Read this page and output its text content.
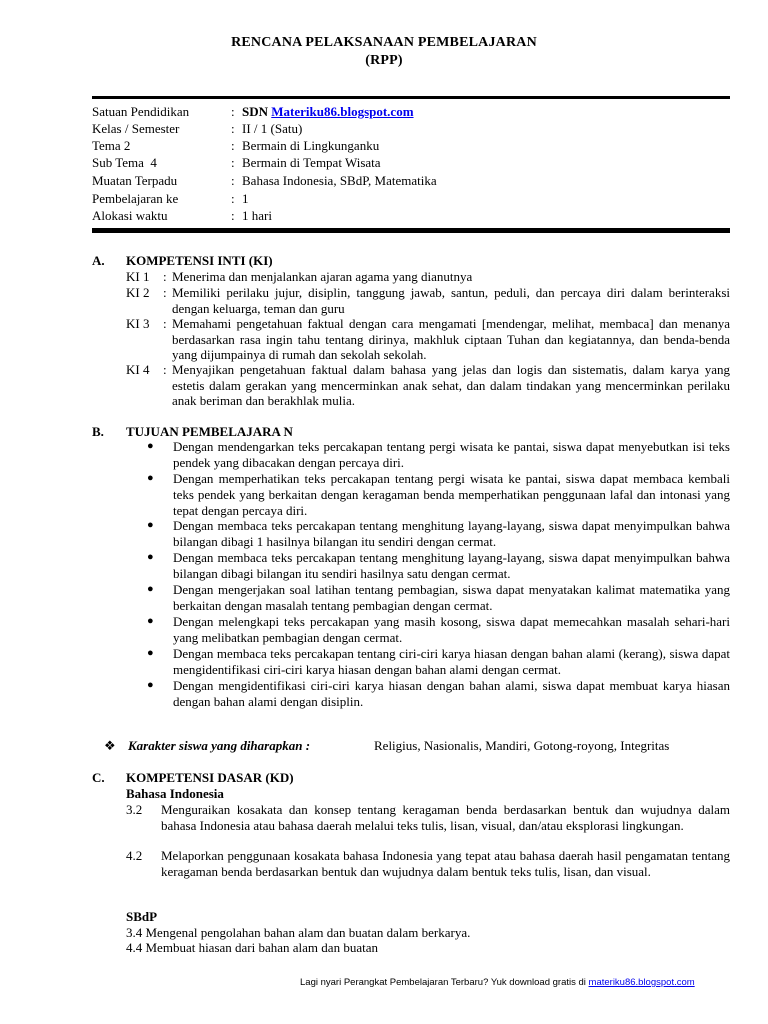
RENCANA PELAKSANAAN PEMBELAJARAN
(RPP)
Satuan Pendidikan	: SDN Materiku86.blogspot.com
Kelas / Semester	: II / 1 (Satu)
Tema 2	: Bermain di Lingkunganku
Sub Tema  4	: Bermain di Tempat Wisata
Muatan Terpadu	: Bahasa Indonesia, SBdP, Matematika
Pembelajaran ke	: 1
Alokasi waktu	: 1 hari
A. KOMPETENSI INTI (KI)
KI 1 : Menerima dan menjalankan ajaran agama yang dianutnya
KI 2 : Memiliki perilaku jujur, disiplin, tanggung jawab, santun, peduli, dan percaya diri dalam berinteraksi dengan keluarga, teman dan guru
KI 3 : Memahami pengetahuan faktual dengan cara mengamati [mendengar, melihat, membaca] dan menanya berdasarkan rasa ingin tahu tentang dirinya, makhluk ciptaan Tuhan dan kegiatannya, dan benda-benda yang dijumpainya di rumah dan sekolah sekolah.
KI 4 : Menyajikan pengetahuan faktual dalam bahasa yang jelas dan logis dan sistematis, dalam karya yang estetis dalam gerakan yang mencerminkan anak sehat, dan dalam tindakan yang mencerminkan perilaku anak beriman dan berakhlak mulia.
B. TUJUAN PEMBELAJARA N
● Dengan mendengarkan teks percakapan tentang pergi wisata ke pantai, siswa dapat menyebutkan isi teks pendek yang dibacakan dengan percaya diri.
● Dengan memperhatikan teks percakapan tentang pergi wisata ke pantai, siswa dapat membaca kembali teks pendek yang berkaitan dengan keragaman benda memperhatikan penggunaan lafal dan intonasi yang tepat dengan percaya diri.
● Dengan membaca teks percakapan tentang menghitung layang-layang, siswa dapat menyimpulkan bahwa bilangan dibagi 1 hasilnya bilangan itu sendiri dengan cermat.
● Dengan membaca teks percakapan tentang menghitung layang-layang, siswa dapat menyimpulkan bahwa bilangan dibagi bilangan itu sendiri hasilnya satu dengan cermat.
● Dengan mengerjakan soal latihan tentang pembagian, siswa dapat menyatakan kalimat matematika yang berkaitan dengan masalah tentang pembagian dengan cermat.
● Dengan melengkapi teks percakapan yang masih kosong, siswa dapat memecahkan masalah sehari-hari yang melibatkan pembagian dengan cermat.
● Dengan membaca teks percakapan tentang ciri-ciri karya hiasan dengan bahan alami (kerang), siswa dapat mengidentifikasi ciri-ciri karya hiasan dengan bahan alami dengan cermat.
● Dengan mengidentifikasi ciri-ciri karya hiasan dengan bahan alami, siswa dapat membuat karya hiasan dengan bahan alami dengan disiplin.
❖ Karakter siswa yang diharapkan :	Religius, Nasionalis, Mandiri, Gotong-royong, Integritas
C. KOMPETENSI DASAR (KD)
Bahasa Indonesia
3.2 Menguraikan kosakata dan konsep tentang keragaman benda berdasarkan bentuk dan wujudnya dalam bahasa Indonesia atau bahasa daerah melalui teks tulis, lisan, visual, dan/atau eksplorasi lingkungan.
4.2 Melaporkan penggunaan kosakata bahasa Indonesia yang tepat atau bahasa daerah hasil pengamatan tentang keragaman benda berdasarkan bentuk dan wujudnya dalam bentuk teks tulis, lisan, dan visual.
SBdP
3.4 Mengenal pengolahan bahan alam dan buatan dalam berkarya.
4.4 Membuat hiasan dari bahan alam dan buatan
Lagi nyari Perangkat Pembelajaran Terbaru? Yuk download gratis di materiku86.blogspot.com
